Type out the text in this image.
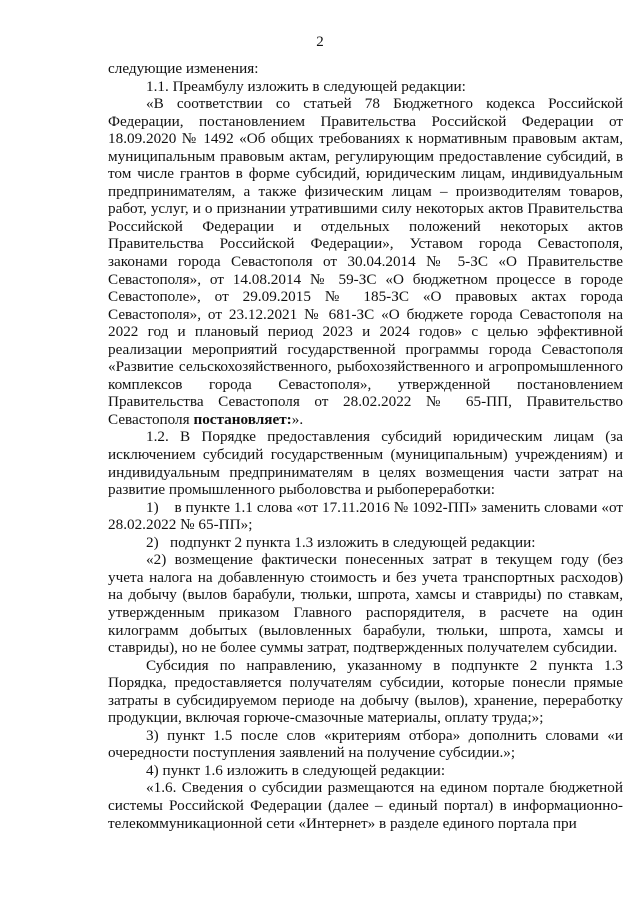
2

следующие изменения:

1.1. Преамбулу изложить в следующей редакции:

«В соответствии со статьей 78 Бюджетного кодекса Российской Федерации, постановлением Правительства Российской Федерации от 18.09.2020 № 1492 «Об общих требованиях к нормативным правовым актам, муниципальным правовым актам, регулирующим предоставление субсидий, в том числе грантов в форме субсидий, юридическим лицам, индивидуальным предпринимателям, а также физическим лицам – производителям товаров, работ, услуг, и о признании утратившими силу некоторых актов Правительства Российской Федерации и отдельных положений некоторых актов Правительства Российской Федерации», Уставом города Севастополя, законами города Севастополя от 30.04.2014 № 5-ЗС «О Правительстве Севастополя», от 14.08.2014 № 59-ЗС «О бюджетном процессе в городе Севастополе», от 29.09.2015 № 185-ЗС «О правовых актах города Севастополя», от 23.12.2021 № 681-ЗС «О бюджете города Севастополя на 2022 год и плановый период 2023 и 2024 годов» с целью эффективной реализации мероприятий государственной программы города Севастополя «Развитие сельскохозяйственного, рыбохозяйственного и агропромышленного комплексов города Севастополя», утвержденной постановлением Правительства Севастополя от 28.02.2022 № 65-ПП, Правительство Севастополя постановляет:».

1.2. В Порядке предоставления субсидий юридическим лицам (за исключением субсидий государственным (муниципальным) учреждениям) и индивидуальным предпринимателям в целях возмещения части затрат на развитие промышленного рыболовства и рыбопереработки:

1)    в пункте 1.1 слова «от 17.11.2016 № 1092-ПП» заменить словами «от 28.02.2022 № 65-ПП»;

2)   подпункт 2 пункта 1.3 изложить в следующей редакции:

«2) возмещение фактически понесенных затрат в текущем году (без учета налога на добавленную стоимость и без учета транспортных расходов) на добычу (вылов барабули, тюльки, шпрота, хамсы и ставриды) по ставкам, утвержденным приказом Главного распорядителя, в расчете на один килограмм добытых (выловленных барабули, тюльки, шпрота, хамсы и ставриды), но не более суммы затрат, подтвержденных получателем субсидии.

Субсидия по направлению, указанному в подпункте 2 пункта 1.3 Порядка, предоставляется получателям субсидии, которые понесли прямые затраты в субсидируемом периоде на добычу (вылов), хранение, переработку продукции, включая горюче-смазочные материалы, оплату труда;»;

3) пункт 1.5 после слов «критериям отбора» дополнить словами «и очередности поступления заявлений на получение субсидии.»;

4) пункт 1.6 изложить в следующей редакции:

«1.6. Сведения о субсидии размещаются на едином портале бюджетной системы Российской Федерации (далее – единый портал) в информационно-телекоммуникационной сети «Интернет» в разделе единого портала при
